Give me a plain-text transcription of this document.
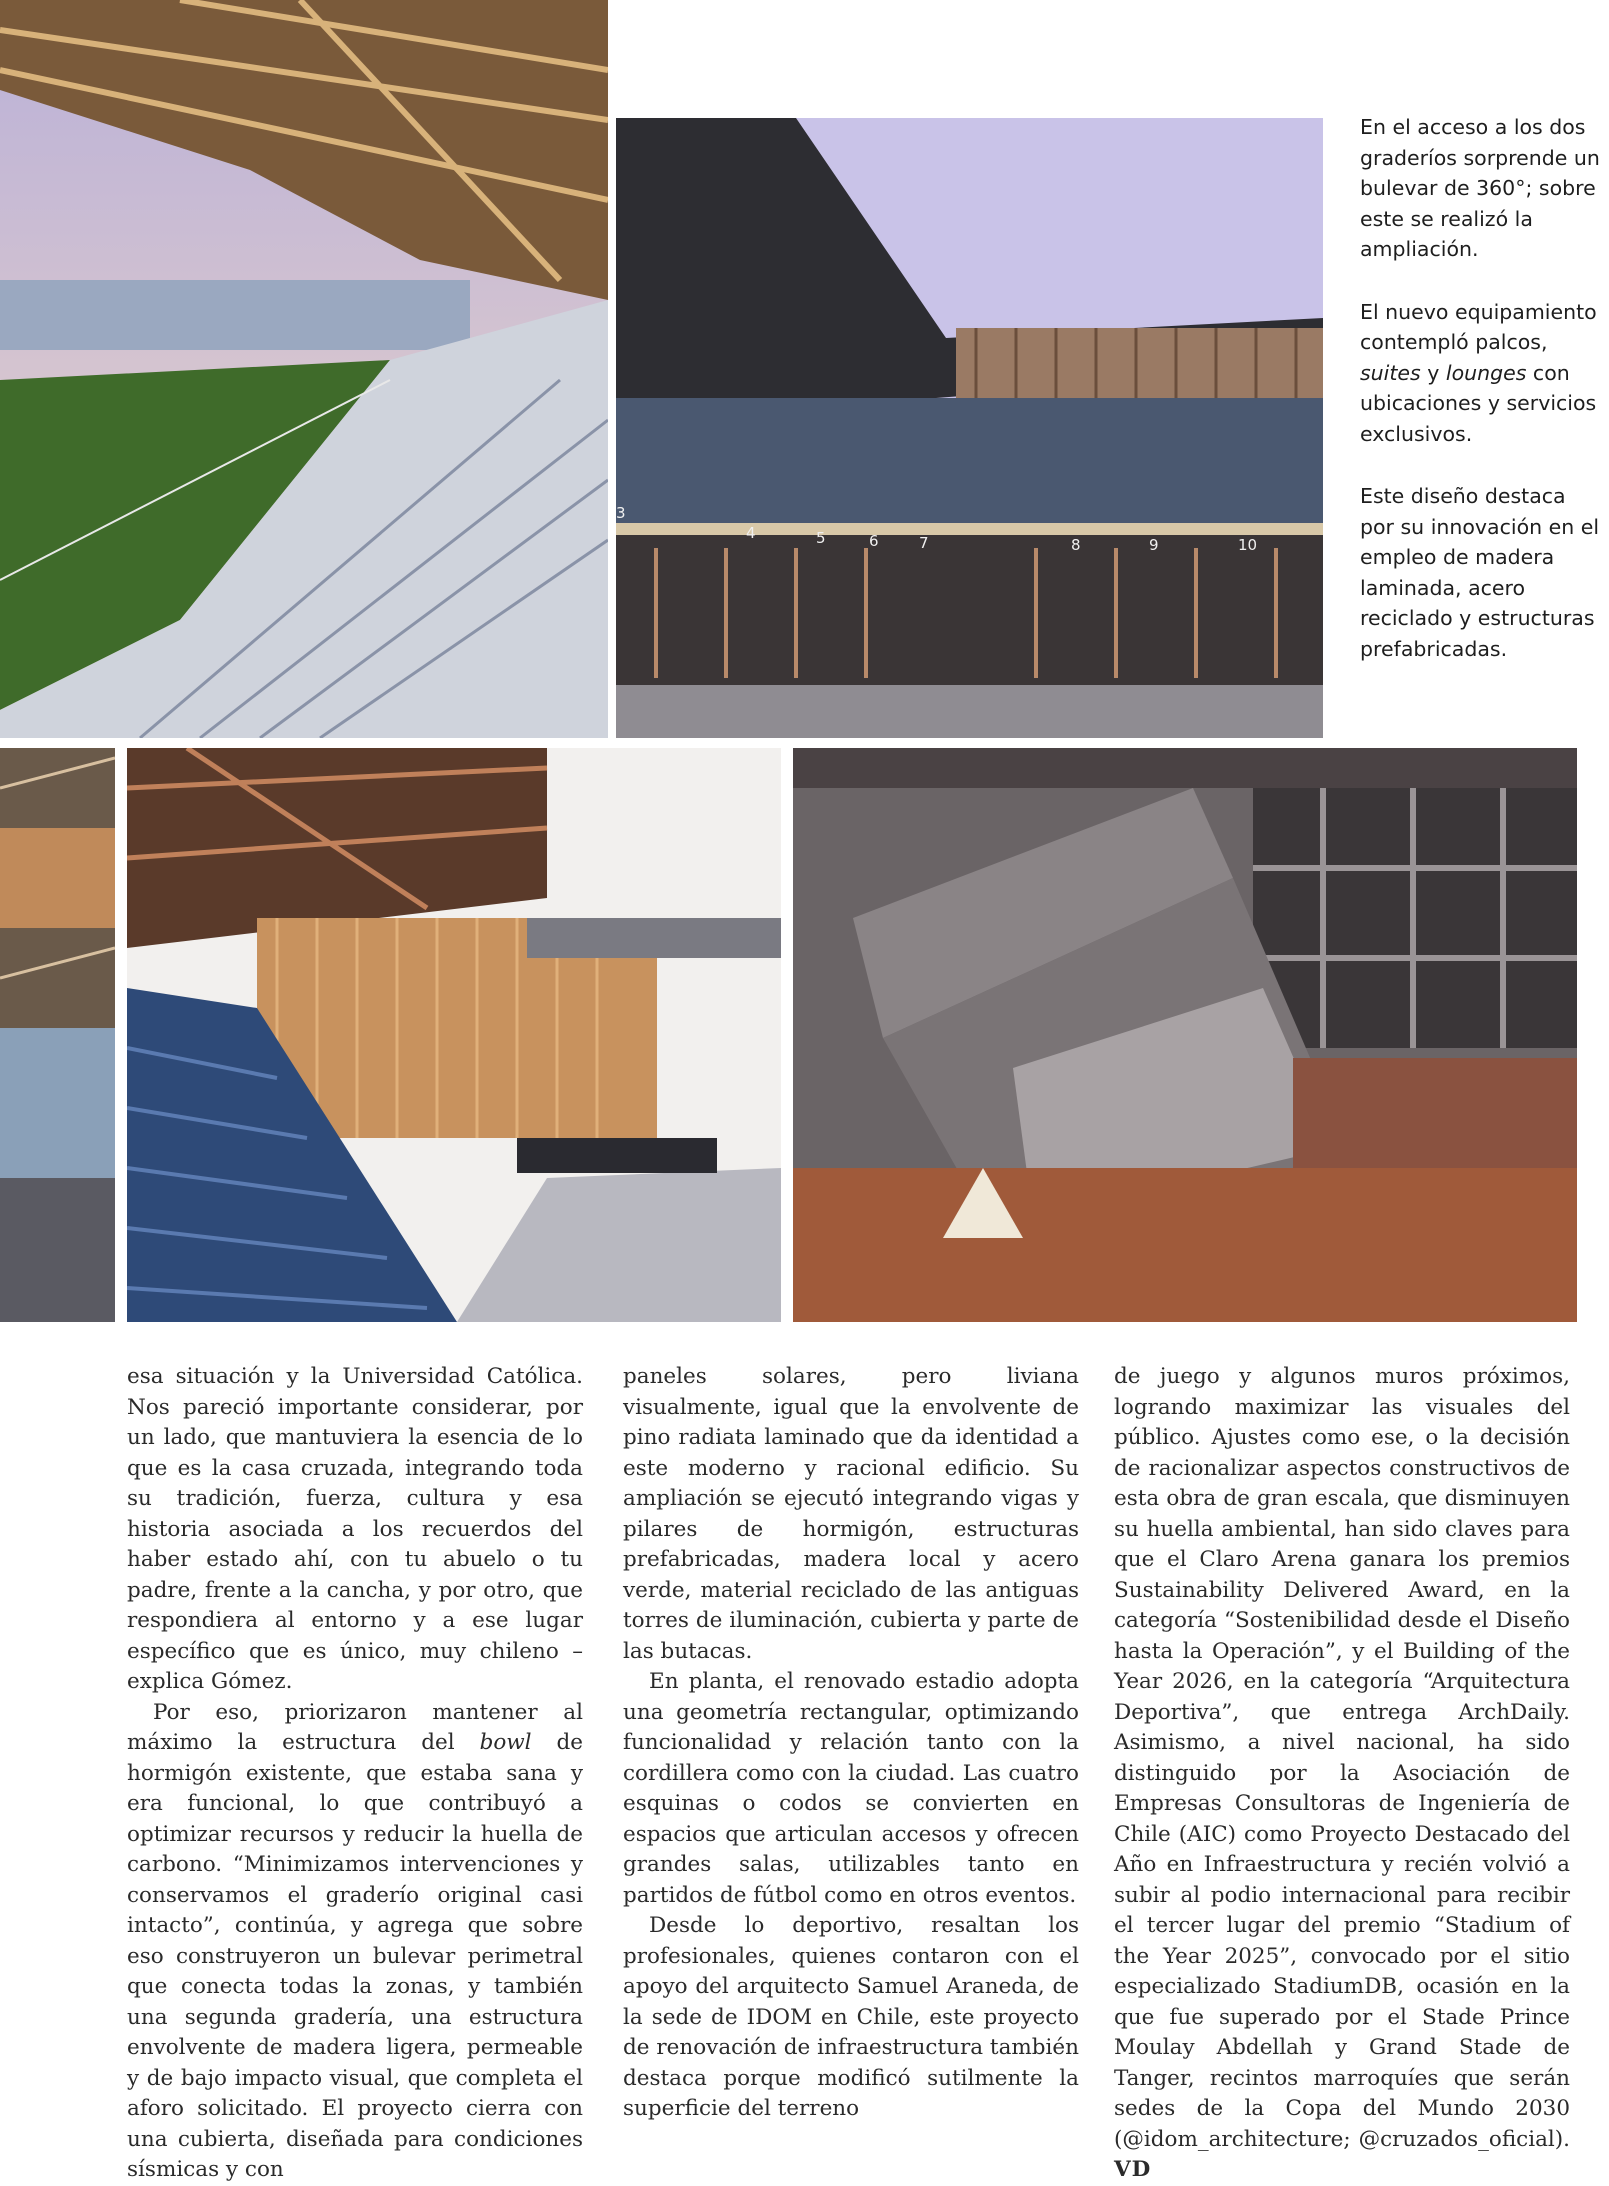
3
4	5	6	7	8	9	10

En el acceso a los dos graderíos sorprende un bulevar de 360°; sobre este se realizó la ampliación.

El nuevo equipamiento contempló palcos, suites y lounges con ubicaciones y servicios exclusivos.

Este diseño destaca por su innovación en el empleo de madera laminada, acero reciclado y estructuras prefabricadas.

esa situación y la Universidad Católica. Nos pareció importante considerar, por un lado, que mantuviera la esencia de lo que es la casa cruzada, integrando toda su tradición, fuerza, cultura y esa historia asociada a los recuerdos del haber estado ahí, con tu abuelo o tu padre, frente a la cancha, y por otro, que respondiera al entorno y a ese lugar específico que es único, muy chileno –explica Gómez.

Por eso, priorizaron mantener al máximo la estructura del bowl de hormigón existente, que estaba sana y era funcional, lo que contribuyó a optimizar recursos y reducir la huella de carbono. “Minimizamos intervenciones y conservamos el graderío original casi intacto”, continúa, y agrega que sobre eso construyeron un bulevar perimetral que conecta todas la zonas, y también una segunda gradería, una estructura envolvente de madera ligera, permeable y de bajo impacto visual, que completa el aforo solicitado. El proyecto cierra con una cubierta, diseñada para condiciones sísmicas y con

paneles solares, pero liviana visualmente, igual que la envolvente de pino radiata laminado que da identidad a este moderno y racional edificio. Su ampliación se ejecutó integrando vigas y pilares de hormigón, estructuras prefabricadas, madera local y acero verde, material reciclado de las antiguas torres de iluminación, cubierta y parte de las butacas.

En planta, el renovado estadio adopta una geometría rectangular, optimizando funcionalidad y relación tanto con la cordillera como con la ciudad. Las cuatro esquinas o codos se convierten en espacios que articulan accesos y ofrecen grandes salas, utilizables tanto en partidos de fútbol como en otros eventos.

Desde lo deportivo, resaltan los profesionales, quienes contaron con el apoyo del arquitecto Samuel Araneda, de la sede de IDOM en Chile, este proyecto de renovación de infraestructura también destaca porque modificó sutilmente la superficie del terreno

de juego y algunos muros próximos, logrando maximizar las visuales del público. Ajustes como ese, o la decisión de racionalizar aspectos constructivos de esta obra de gran escala, que disminuyen su huella ambiental, han sido claves para que el Claro Arena ganara los premios Sustainability Delivered Award, en la categoría “Sostenibilidad desde el Diseño hasta la Operación”, y el Building of the Year 2026, en la categoría “Arquitectura Deportiva”, que entrega ArchDaily. Asimismo, a nivel nacional, ha sido distinguido por la Asociación de Empresas Consultoras de Ingeniería de Chile (AIC) como Proyecto Destacado del Año en Infraestructura y recién volvió a subir al podio internacional para recibir el tercer lugar del premio “Stadium of the Year 2025”, convocado por el sitio especializado StadiumDB, ocasión en la que fue superado por el Stade Prince Moulay Abdellah y Grand Stade de Tanger, recintos marroquíes que serán sedes de la Copa del Mundo 2030 (@idom_architecture; @cruzados_oficial). VD
